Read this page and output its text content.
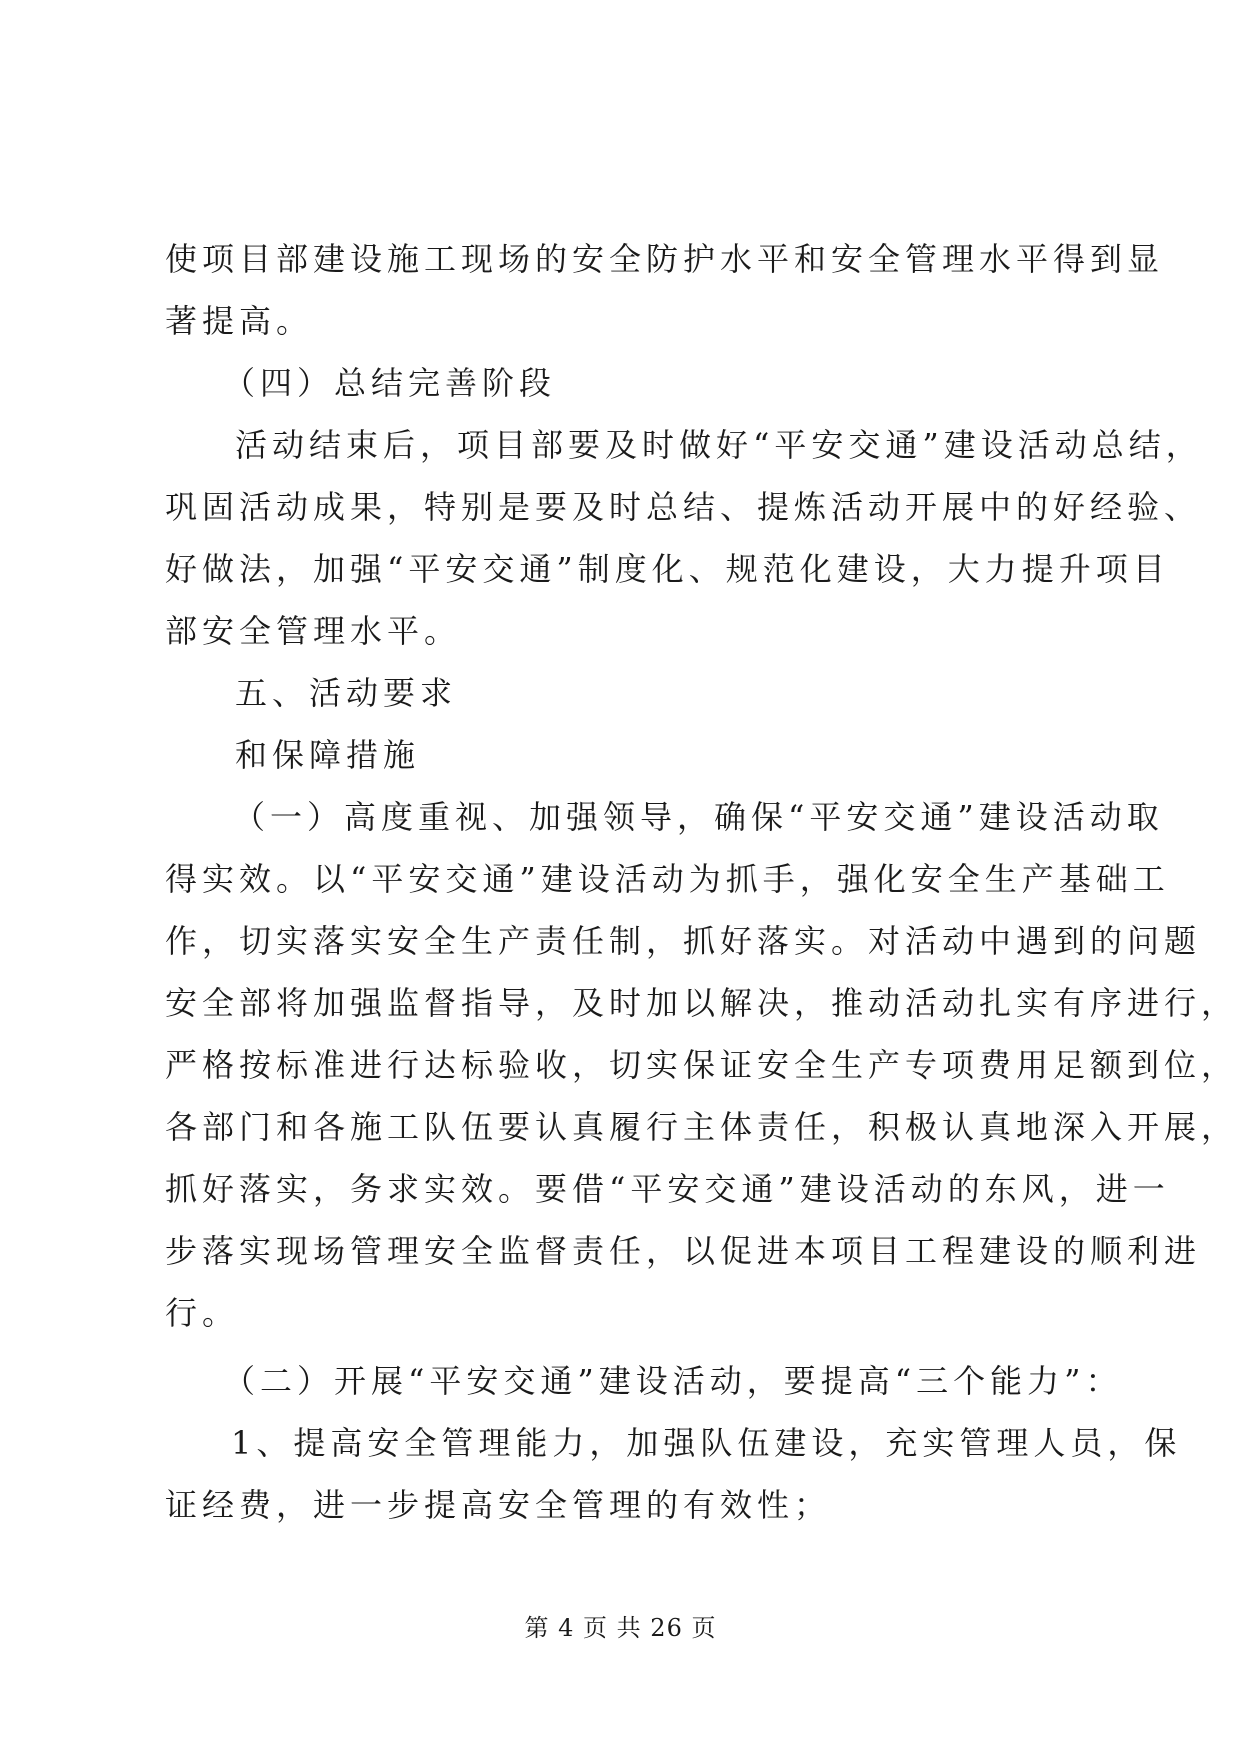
使项目部建设施工现场的安全防护水平和安全管理水平得到显
著提高。
（四）总结完善阶段
活动结束后，项目部要及时做好“平安交通”建设活动总结，
巩固活动成果，特别是要及时总结、提炼活动开展中的好经验、
好做法，加强“平安交通”制度化、规范化建设，大力提升项目
部安全管理水平。
五、活动要求
和保障措施
（一）高度重视、加强领导，确保“平安交通”建设活动取
得实效。以“平安交通”建设活动为抓手，强化安全生产基础工
作，切实落实安全生产责任制，抓好落实。对活动中遇到的问题
安全部将加强监督指导，及时加以解决，推动活动扎实有序进行，
严格按标准进行达标验收，切实保证安全生产专项费用足额到位，
各部门和各施工队伍要认真履行主体责任，积极认真地深入开展，
抓好落实，务求实效。要借“平安交通”建设活动的东风，进一
步落实现场管理安全监督责任，以促进本项目工程建设的顺利进
行。
（二）开展“平安交通”建设活动，要提高“三个能力”：
1、提高安全管理能力，加强队伍建设，充实管理人员，保
证经费，进一步提高安全管理的有效性；
第 4 页 共 26 页
